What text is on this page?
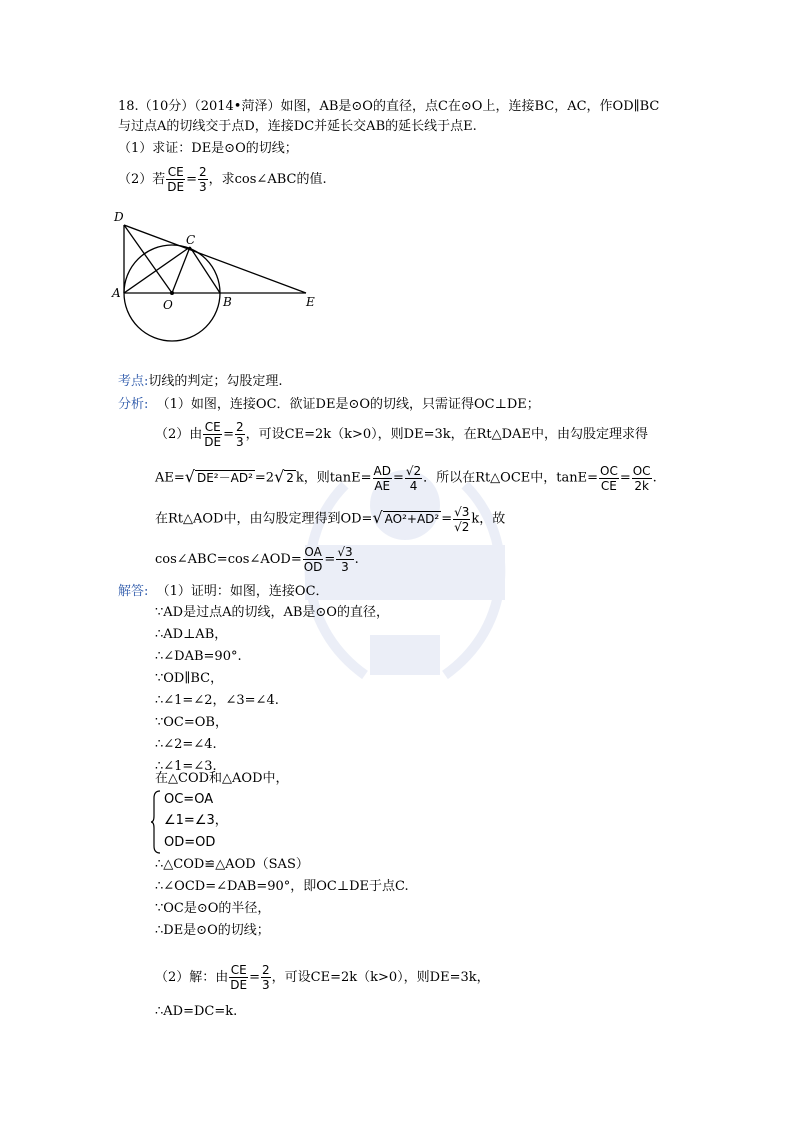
18.（10分）（2014•菏泽）如图，AB是⊙O的直径，点C在⊙O上，连接BC，AC，作OD∥BC
与过点A的切线交于点D，连接DC并延长交AB的延长线于点E.
（1）求证：DE是⊙O的切线；
（2）若 $\frac{CE}{DE} = \frac{2}{3}$ ，求cos∠ABC的值.
D
C
A
O	B	E
考点:切线的判定；勾股定理.
分析: （1）如图，连接OC．欲证DE是⊙O的切线，只需证得OC⊥DE；
（2）由 $\frac{CE}{DE} = \frac{2}{3}$ ，可设CE=2k（k>0），则DE=3k，在Rt△DAE中，由勾股定理求得
AE=√ DE²－AD² =2√ 2 k，则$\tan E= \frac{AD}{AE} = \frac{√2}{4}$ ．所以在Rt△OCE中，$\tan E= \frac{OC}{CE} = \frac{OC}{2k}$ .
在Rt△AOD中，由勾股定理得到OD=√ $AO^2+AD^2 = \frac{√3}{√2}$ k，故
cos∠ABC=cos∠AOD= $\frac{OA}{OD} = \frac{√3}{3}$ .
解答: （1）证明：如图，连接OC．
∵AD是过点A的切线，AB是⊙O的直径，
∴AD⊥AB，
∴∠DAB=90°.
∵OD∥BC，
∴∠1=∠2，∠3=∠4.
∵OC=OB，
∴∠2=∠4.
∴∠1=∠3.
在△COD和△AOD中，
OC=OA
∠1=∠3，
OD=OD
∴△COD≌△AOD（SAS）
∴∠OCD=∠DAB=90°，即OC⊥DE于点C.
∵OC是⊙O的半径，
∴DE是⊙O的切线；
（2）解：由 $\frac{CE}{DE} = \frac{2}{3}$ ，可设CE=2k（k>0），则DE=3k，
∴AD=DC=k.
